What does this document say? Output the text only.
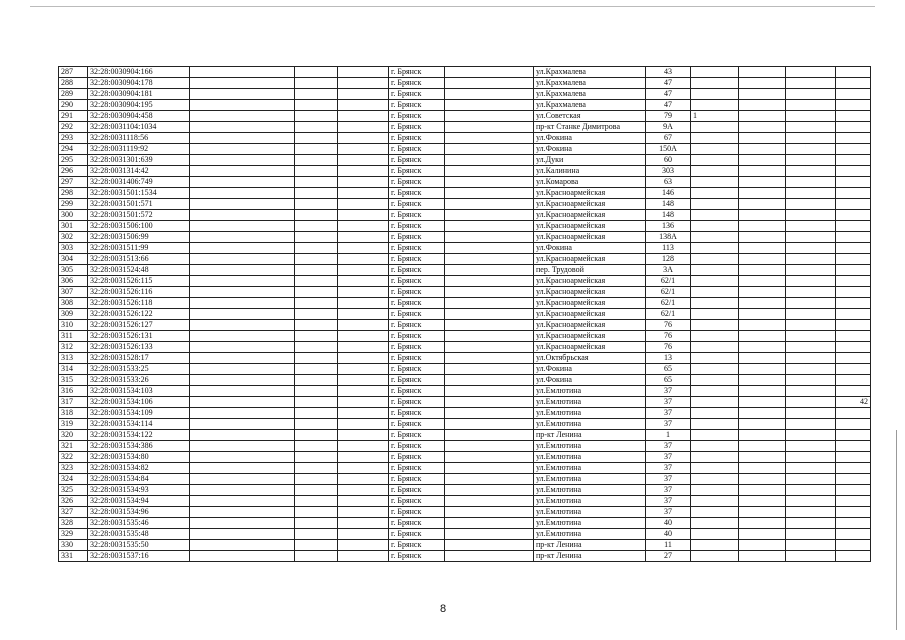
287	32:28:0030904:166				г. Брянск		ул.Крахмалева	43				
288	32:28:0030904:178				г. Брянск		ул.Крахмалева	47				
289	32:28:0030904:181				г. Брянск		ул.Крахмалева	47				
290	32:28:0030904:195				г. Брянск		ул.Крахмалева	47				
291	32:28:0030904:458				г. Брянск		ул.Советская	79	1			
292	32:28:0031104:1034				г. Брянск		пр-кт Станке Димитрова	9А				
293	32:28:0031118:56				г. Брянск		ул.Фокина	67				
294	32:28:0031119:92				г. Брянск		ул.Фокина	150А				
295	32:28:0031301:639				г. Брянск		ул.Дуки	60				
296	32:28:0031314:42				г. Брянск		ул.Калинина	303				
297	32:28:0031406:749				г. Брянск		ул.Комарова	63				
298	32:28:0031501:1534				г. Брянск		ул.Красноармейская	146				
299	32:28:0031501:571				г. Брянск		ул.Красноармейская	148				
300	32:28:0031501:572				г. Брянск		ул.Красноармейская	148				
301	32:28:0031506:100				г. Брянск		ул.Красноармейская	136				
302	32:28:0031506:99				г. Брянск		ул.Красноармейская	138А				
303	32:28:0031511:99				г. Брянск		ул.Фокина	113				
304	32:28:0031513:66				г. Брянск		ул.Красноармейская	128				
305	32:28:0031524:48				г. Брянск		пер. Трудовой	3А				
306	32:28:0031526:115				г. Брянск		ул.Красноармейская	62/1				
307	32:28:0031526:116				г. Брянск		ул.Красноармейская	62/1				
308	32:28:0031526:118				г. Брянск		ул.Красноармейская	62/1				
309	32:28:0031526:122				г. Брянск		ул.Красноармейская	62/1				
310	32:28:0031526:127				г. Брянск		ул.Красноармейская	76				
311	32:28:0031526:131				г. Брянск		ул.Красноармейская	76				
312	32:28:0031526:133				г. Брянск		ул.Красноармейская	76				
313	32:28:0031528:17				г. Брянск		ул.Октябрьская	13				
314	32:28:0031533:25				г. Брянск		ул.Фокина	65				
315	32:28:0031533:26				г. Брянск		ул.Фокина	65				
316	32:28:0031534:103				г. Брянск		ул.Емлютина	37				
317	32:28:0031534:106				г. Брянск		ул.Емлютина	37				42
318	32:28:0031534:109				г. Брянск		ул.Емлютина	37				
319	32:28:0031534:114				г. Брянск		ул.Емлютина	37				
320	32:28:0031534:122				г. Брянск		пр-кт Ленина	1				
321	32:28:0031534:386				г. Брянск		ул.Емлютина	37				
322	32:28:0031534:80				г. Брянск		ул.Емлютина	37				
323	32:28:0031534:82				г. Брянск		ул.Емлютина	37				
324	32:28:0031534:84				г. Брянск		ул.Емлютина	37				
325	32:28:0031534:93				г. Брянск		ул.Емлютина	37				
326	32:28:0031534:94				г. Брянск		ул.Емлютина	37				
327	32:28:0031534:96				г. Брянск		ул.Емлютина	37				
328	32:28:0031535:46				г. Брянск		ул.Емлютина	40				
329	32:28:0031535:48				г. Брянск		ул.Емлютина	40				
330	32:28:0031535:50				г. Брянск		пр-кт Ленина	11				
331	32:28:0031537:16				г. Брянск		пр-кт Ленина	27				
8
